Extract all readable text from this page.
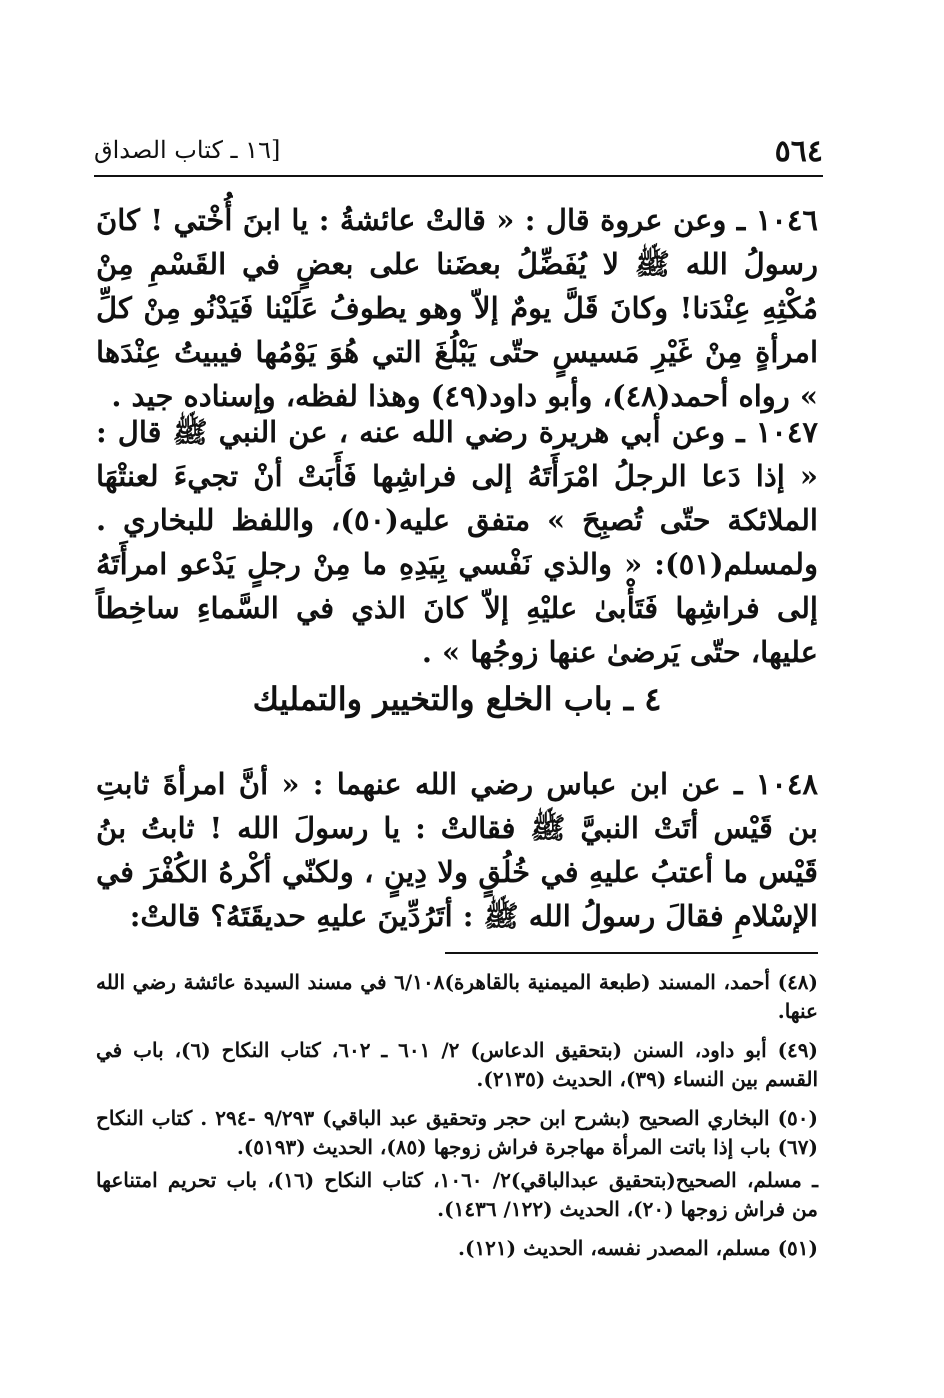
٥٦٤
[١٦ ـ كتاب الصداق

١٠٤٦ ـ وعن عروة قال : « قالتْ عائشةُ : يا ابنَ أُخْتي ! كانَ رسولُ الله ﷺ لا يُفَضِّلُ بعضَنا على بعضٍ في القَسْمِ مِنْ مُكْثِهِ عِنْدَنا! وكانَ قَلَّ يومٌ إلاّ وهو يطوفُ عَلَيْنا فَيَدْنُو مِنْ كلِّ امرأةٍ مِنْ غَيْرِ مَسيسٍ حتّى يَبْلُغَ التي هُوَ يَوْمُها فيبيتُ عِنْدَها » رواه أحمد(٤٨)، وأبو داود(٤٩) وهذا لفظه، وإسناده جيد .

١٠٤٧ ـ وعن أبي هريرة رضي الله عنه ، عن النبي ﷺ قال : « إذا دَعا الرجلُ امْرَأَتَهُ إلى فراشِها فَأَبَتْ أنْ تجيءَ لعنتْهَا الملائكة حتّى تُصبِحَ » متفق عليه(٥٠)، واللفظ للبخاري . ولمسلم(٥١): « والذي نَفْسي بِيَدِهِ ما مِنْ رجلٍ يَدْعو امرأَتَهُ إلى فراشِها فَتَأْبىٰ عليْهِ إلاّ كانَ الذي في السَّماءِ ساخِطاً عليها، حتّى يَرضىٰ عنها زوجُها » .

٤ ـ باب الخلع والتخيير والتمليك

١٠٤٨ ـ عن ابن عباس رضي الله عنهما : « أنَّ امرأةَ ثابتِ بن قَيْس أتَتْ النبيَّ ﷺ فقالتْ : يا رسولَ الله ! ثابتُ بنُ قَيْس ما أعتبُ عليهِ في خُلُقٍ ولا دِينٍ ، ولكنّي أكْرهُ الكُفْرَ في الإسْلامِ فقالَ رسولُ الله ﷺ : أتَرُدِّينَ عليهِ حديقَتَهُ؟ قالتْ:

(٤٨) أحمد، المسند (طبعة الميمنية بالقاهرة)٦/١٠٨ في مسند السيدة عائشة رضي الله عنها.

(٤٩) أبو داود، السنن (بتحقيق الدعاس) ٢/ ٦٠١ ـ ٦٠٢، كتاب النكاح (٦)، باب في القسم بين النساء (٣٩)، الحديث (٢١٣٥).

(٥٠) البخاري الصحيح (بشرح ابن حجر وتحقيق عبد الباقي) ٩/٢٩٣ -٢٩٤ . كتاب النكاح (٦٧) باب إذا باتت المرأة مهاجرة فراش زوجها (٨٥)، الحديث (٥١٩٣).

ـ مسلم، الصحيح(بتحقيق عبدالباقي)٢/ ١٠٦٠، كتاب النكاح (١٦)، باب تحريم امتناعها من فراش زوجها (٢٠)، الحديث (١٢٢/ ١٤٣٦).

(٥١) مسلم، المصدر نفسه، الحديث (١٢١).
